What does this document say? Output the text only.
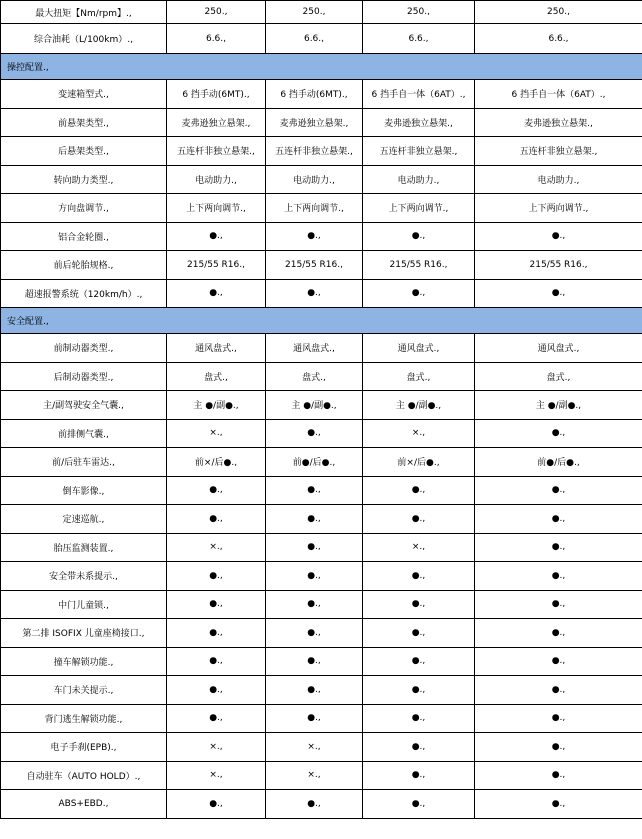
最大扭矩【Nm/rpm】.,	250.,	250.,	250.,	250.,
综合油耗（L/100km）.,	6.6.,	6.6.,	6.6.,	6.6.,
操控配置.,				
变速箱型式.,	6 挡手动(6MT).,	6 挡手动(6MT).,	6 挡手自一体（6AT）.,	6 挡手自一体（6AT）.,
前悬架类型.,	麦弗逊独立悬架.,	麦弗逊独立悬架.,	麦弗逊独立悬架.,	麦弗逊独立悬架.,
后悬架类型.,	五连杆非独立悬架.,	五连杆非独立悬架.,	五连杆非独立悬架.,	五连杆非独立悬架.,
转向助力类型.,	电动助力.,	电动助力.,	电动助力.,	电动助力.,
方向盘调节.,	上下两向调节.,	上下两向调节.,	上下两向调节.,	上下两向调节.,
铝合金轮圈.,	●.,	●.,	●.,	●.,
前后轮胎规格.,	215/55 R16.,	215/55 R16.,	215/55 R16.,	215/55 R16.,
超速报警系统（120km/h）.,	●.,	●.,	●.,	●.,
安全配置.,				
前制动器类型.,	通风盘式.,	通风盘式.,	通风盘式.,	通风盘式.,
后制动器类型.,	盘式.,	盘式.,	盘式.,	盘式.,
主/副驾驶安全气囊.,	主 ●/副●.,	主 ●/副●.,	主 ●/副●.,	主 ●/副●.,
前排侧气囊.,	×.,	●.,	×.,	●.,
前/后驻车雷达.,	前×/后●.,	前●/后●.,	前×/后●.,	前●/后●.,
倒车影像.,	●.,	●.,	●.,	●.,
定速巡航.,	●.,	●.,	●.,	●.,
胎压监测装置.,	×.,	●.,	×.,	●.,
安全带未系提示.,	●.,	●.,	●.,	●.,
中门儿童锁.,	●.,	●.,	●.,	●.,
第二排 ISOFIX 儿童座椅接口.,	●.,	●.,	●.,	●.,
撞车解锁功能.,	●.,	●.,	●.,	●.,
车门未关提示.,	●.,	●.,	●.,	●.,
背门逃生解锁功能.,	●.,	●.,	●.,	●.,
电子手刹(EPB).,	×.,	×.,	●.,	●.,
自动驻车（AUTO HOLD）.,	×.,	×.,	●.,	●.,
ABS+EBD.,	●.,	●.,	●.,	●.,
